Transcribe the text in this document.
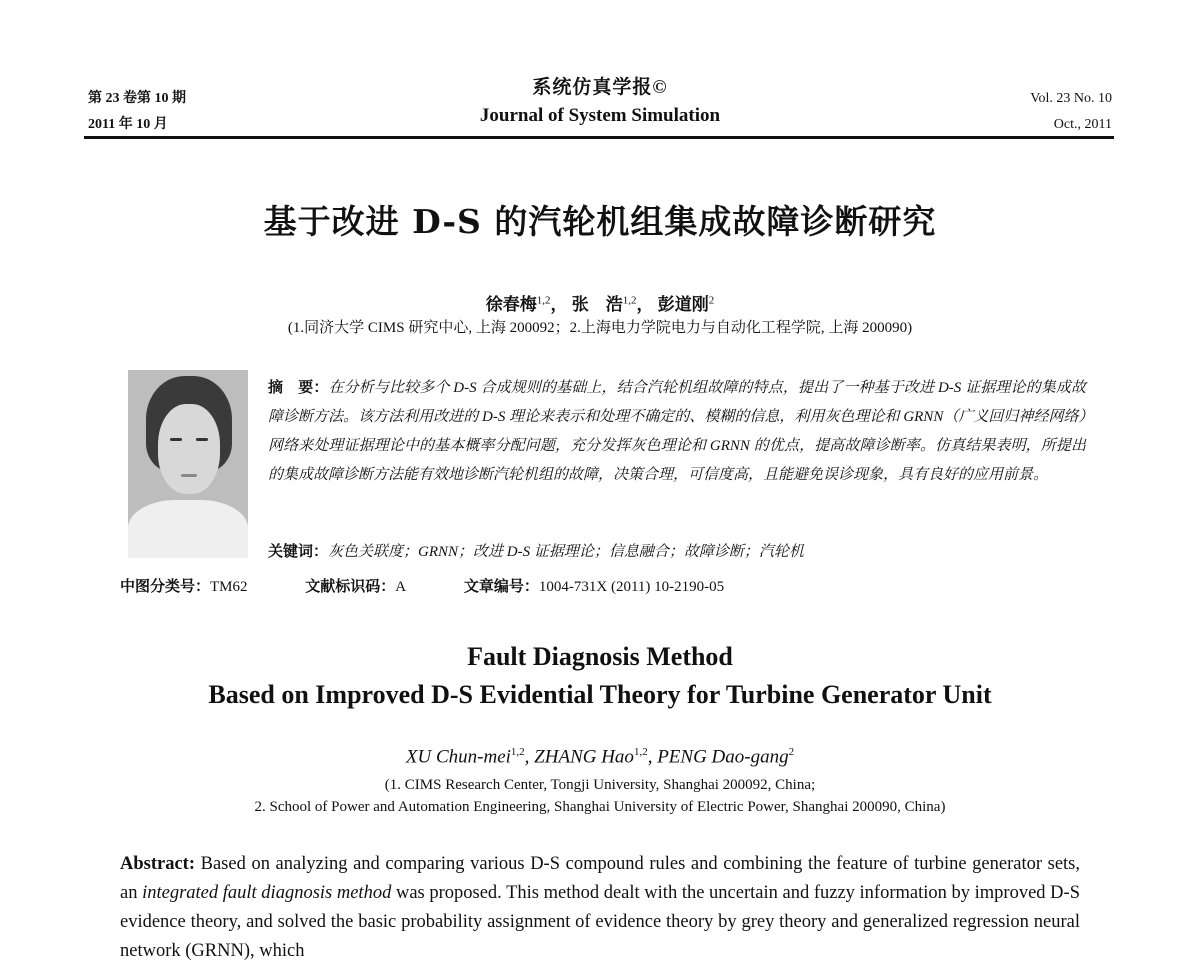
第 23 卷第 10 期
2011 年 10 月
系统仿真学报©
Journal of System Simulation
Vol. 23 No. 10
Oct., 2011
基于改进 D-S 的汽轮机组集成故障诊断研究
徐春梅$^{1,2}$， 张　浩$^{1,2}$， 彭道刚$^2$
(1.同济大学 CIMS 研究中心, 上海 200092；2.上海电力学院电力与自动化工程学院, 上海 200090)
摘　要：在分析与比较多个 D-S 合成规则的基础上，结合汽轮机组故障的特点，提出了一种基于改进 D-S 证据理论的集成故障诊断方法。该方法利用改进的 D-S 理论来表示和处理不确定的、模糊的信息，利用灰色理论和 GRNN（广义回归神经网络）网络来处理证据理论中的基本概率分配问题，充分发挥灰色理论和 GRNN 的优点，提高故障诊断率。仿真结果表明，所提出的集成故障诊断方法能有效地诊断汽轮机组的故障，决策合理，可信度高，且能避免误诊现象，具有良好的应用前景。
关键词：灰色关联度；GRNN；改进 D-S 证据理论；信息融合；故障诊断；汽轮机
中图分类号：TM62	文献标识码：A	文章编号：1004-731X (2011) 10-2190-05
Fault Diagnosis Method
Based on Improved D-S Evidential Theory for Turbine Generator Unit
XU Chun-mei$^{1,2}$, ZHANG Hao$^{1,2}$, PENG Dao-gang$^2$
(1. CIMS Research Center, Tongji University, Shanghai 200092, China;
2. School of Power and Automation Engineering, Shanghai University of Electric Power, Shanghai 200090, China)
Abstract: Based on analyzing and comparing various D-S compound rules and combining the feature of turbine generator sets, an integrated fault diagnosis method was proposed. This method dealt with the uncertain and fuzzy information by improved D-S evidence theory, and solved the basic probability assignment of evidence theory by grey theory and generalized regression neural network (GRNN), which
